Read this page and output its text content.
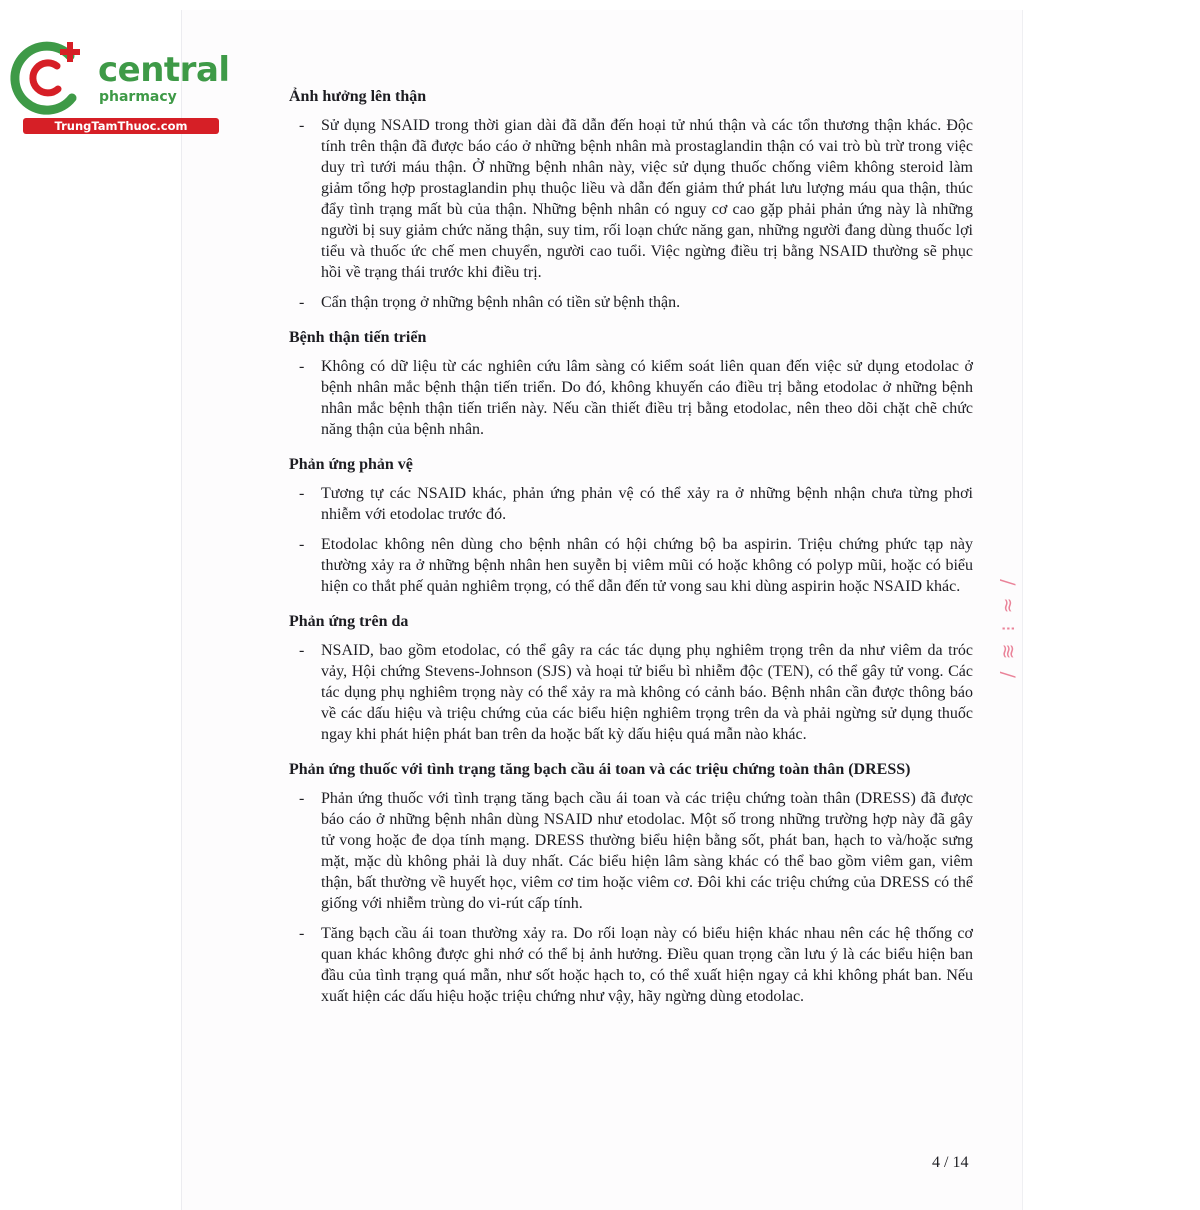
central
pharmacy
TrungTamThuoc.com
Ảnh hưởng lên thận
- Sử dụng NSAID trong thời gian dài đã dẫn đến hoại tử nhú thận và các tổn thương thận khác. Độc tính trên thận đã được báo cáo ở những bệnh nhân mà prostaglandin thận có vai trò bù trừ trong việc duy trì tưới máu thận. Ở những bệnh nhân này, việc sử dụng thuốc chống viêm không steroid làm giảm tổng hợp prostaglandin phụ thuộc liều và dẫn đến giảm thứ phát lưu lượng máu qua thận, thúc đẩy tình trạng mất bù của thận. Những bệnh nhân có nguy cơ cao gặp phải phản ứng này là những người bị suy giảm chức năng thận, suy tim, rối loạn chức năng gan, những người đang dùng thuốc lợi tiểu và thuốc ức chế men chuyển, người cao tuổi. Việc ngừng điều trị bằng NSAID thường sẽ phục hồi về trạng thái trước khi điều trị.
- Cẩn thận trọng ở những bệnh nhân có tiền sử bệnh thận.
Bệnh thận tiến triển
- Không có dữ liệu từ các nghiên cứu lâm sàng có kiểm soát liên quan đến việc sử dụng etodolac ở bệnh nhân mắc bệnh thận tiến triển. Do đó, không khuyến cáo điều trị bằng etodolac ở những bệnh nhân mắc bệnh thận tiến triển này. Nếu cần thiết điều trị bằng etodolac, nên theo dõi chặt chẽ chức năng thận của bệnh nhân.
Phản ứng phản vệ
- Tương tự các NSAID khác, phản ứng phản vệ có thể xảy ra ở những bệnh nhận chưa từng phơi nhiễm với etodolac trước đó.
- Etodolac không nên dùng cho bệnh nhân có hội chứng bộ ba aspirin. Triệu chứng phức tạp này thường xảy ra ở những bệnh nhân hen suyễn bị viêm mũi có hoặc không có polyp mũi, hoặc có biểu hiện co thắt phế quản nghiêm trọng, có thể dẫn đến tử vong sau khi dùng aspirin hoặc NSAID khác.
Phản ứng trên da
- NSAID, bao gồm etodolac, có thể gây ra các tác dụng phụ nghiêm trọng trên da như viêm da tróc vảy, Hội chứng Stevens-Johnson (SJS) và hoại tử biểu bì nhiễm độc (TEN), có thể gây tử vong. Các tác dụng phụ nghiêm trọng này có thể xảy ra mà không có cảnh báo. Bệnh nhân cần được thông báo về các dấu hiệu và triệu chứng của các biểu hiện nghiêm trọng trên da và phải ngừng sử dụng thuốc ngay khi phát hiện phát ban trên da hoặc bất kỳ dấu hiệu quá mẫn nào khác.
Phản ứng thuốc với tình trạng tăng bạch cầu ái toan và các triệu chứng toàn thân (DRESS)
- Phản ứng thuốc với tình trạng tăng bạch cầu ái toan và các triệu chứng toàn thân (DRESS) đã được báo cáo ở những bệnh nhân dùng NSAID như etodolac. Một số trong những trường hợp này đã gây tử vong hoặc đe dọa tính mạng. DRESS thường biểu hiện bằng sốt, phát ban, hạch to và/hoặc sưng mặt, mặc dù không phải là duy nhất. Các biểu hiện lâm sàng khác có thể bao gồm viêm gan, viêm thận, bất thường về huyết học, viêm cơ tim hoặc viêm cơ. Đôi khi các triệu chứng của DRESS có thể giống với nhiễm trùng do vi-rút cấp tính.
- Tăng bạch cầu ái toan thường xảy ra. Do rối loạn này có biểu hiện khác nhau nên các hệ thống cơ quan khác không được ghi nhớ có thể bị ảnh hưởng. Điều quan trọng cần lưu ý là các biểu hiện ban đầu của tình trạng quá mẫn, như sốt hoặc hạch to, có thể xuất hiện ngay cả khi không phát ban. Nếu xuất hiện các dấu hiệu hoặc triệu chứng như vậy, hãy ngừng dùng etodolac.
/ ≈ ⁝ ≋ /
4 / 14
